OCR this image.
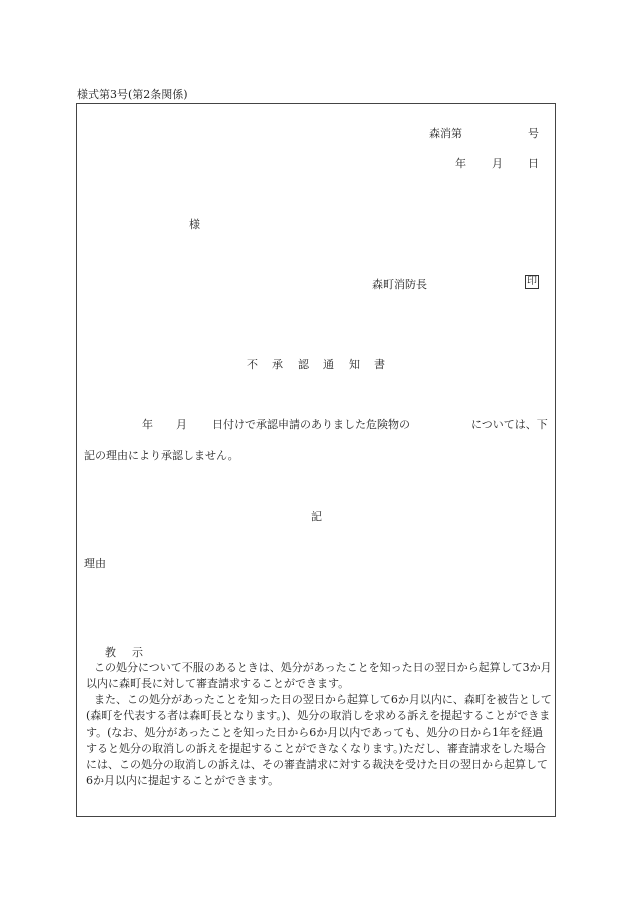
様式第3号(第2条関係)
森消第	号
年 月 日
様
森町消防長	印
不 承 認 通 知 書
年 月 日付けで承認申請のありました危険物の	については、下
記の理由により承認しません。
記
理由
教 示
この処分について不服のあるときは、処分があったことを知った日の翌日から起算して3か月以内に森町長に対して審査請求することができます。
また、この処分があったことを知った日の翌日から起算して6か月以内に、森町を被告として(森町を代表する者は森町長となります。)、処分の取消しを求める訴えを提起することができます。(なお、処分があったことを知った日から6か月以内であっても、処分の日から1年を経過すると処分の取消しの訴えを提起することができなくなります。)ただし、審査請求をした場合には、この処分の取消しの訴えは、その審査請求に対する裁決を受けた日の翌日から起算して6か月以内に提起することができます。
